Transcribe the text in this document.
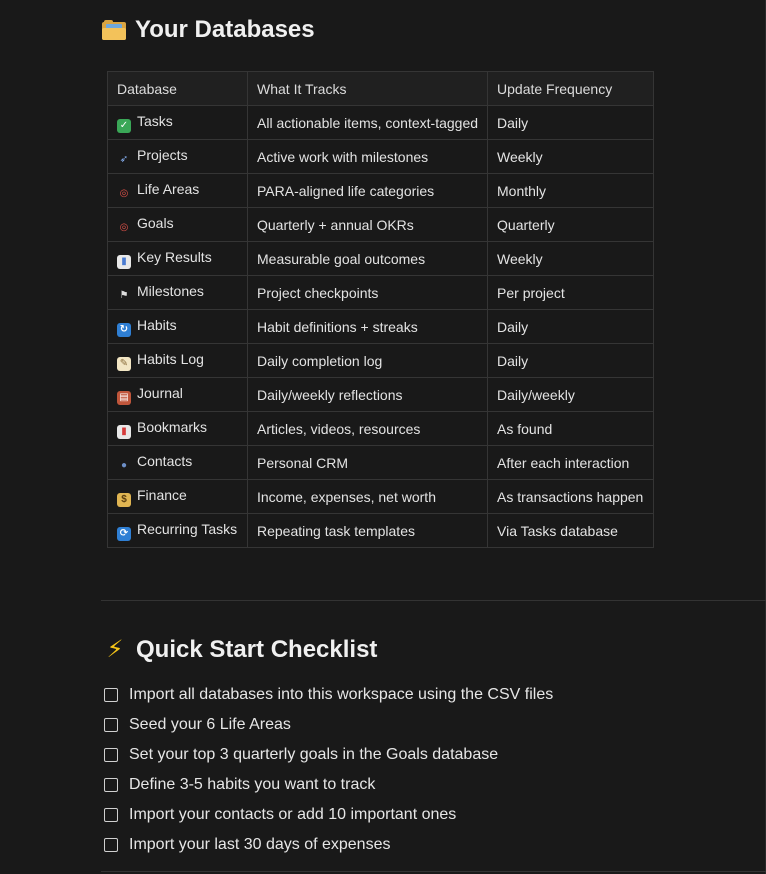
Your Databases
Database	What It Tracks	Update Frequency
✓ Tasks	All actionable items, context-tagged	Daily
➶ Projects	Active work with milestones	Weekly
◎ Life Areas	PARA-aligned life categories	Monthly
◎ Goals	Quarterly + annual OKRs	Quarterly
▮ Key Results	Measurable goal outcomes	Weekly
⚑ Milestones	Project checkpoints	Per project
↻ Habits	Habit definitions + streaks	Daily
✎ Habits Log	Daily completion log	Daily
▤ Journal	Daily/weekly reflections	Daily/weekly
▮ Bookmarks	Articles, videos, resources	As found
● Contacts	Personal CRM	After each interaction
$ Finance	Income, expenses, net worth	As transactions happen
⟳ Recurring Tasks	Repeating task templates	Via Tasks database
⚡ Quick Start Checklist
Import all databases into this workspace using the CSV files
Seed your 6 Life Areas
Set your top 3 quarterly goals in the Goals database
Define 3-5 habits you want to track
Import your contacts or add 10 important ones
Import your last 30 days of expenses
